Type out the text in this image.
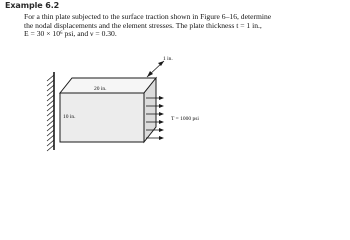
Example 6.2

For a thin plate subjected to the surface traction shown in Figure 6–16, determine
the nodal displacements and the element stresses. The plate thickness t = 1 in.,
E = 30 × 10⁶ psi, and ν = 0.30.

1 in.
20 in.
10 in.	T = 1000 psi
